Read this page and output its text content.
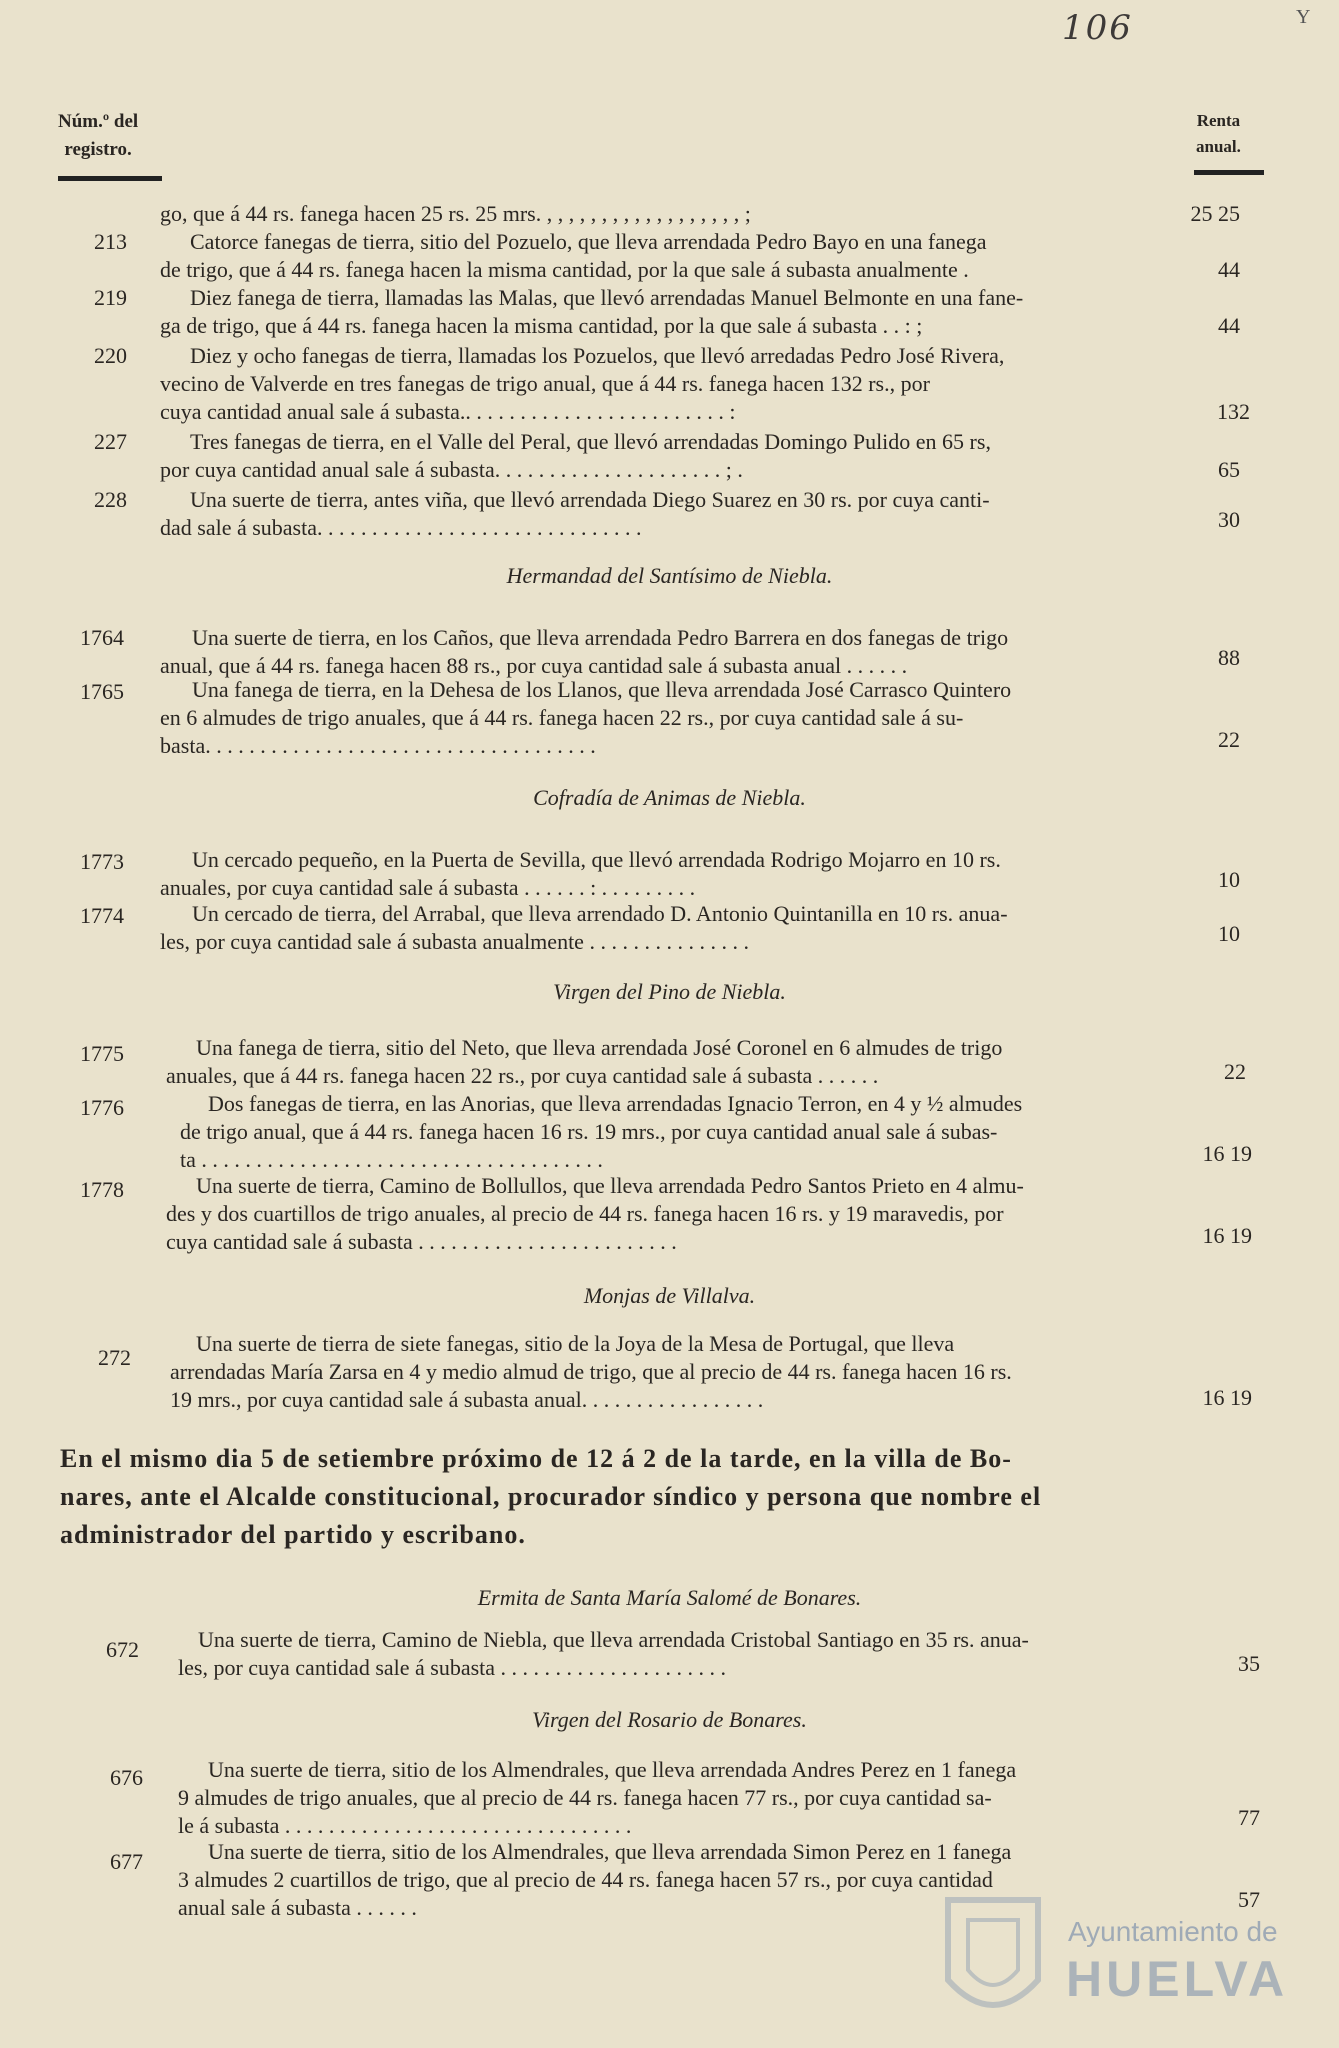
106	Y
Núm.º del
registro.
Renta
anual.
go, que á 44 rs. fanega hacen 25 rs. 25 mrs. , , , , , , , , , , , , , , , , , , ;	25 25
213	Catorce fanegas de tierra, sitio del Pozuelo, que lleva arrendada Pedro Bayo en una fanega
de trigo, que á 44 rs. fanega hacen la misma cantidad, por la que sale á subasta anualmente .	44
219	Diez fanega de tierra, llamadas las Malas, que llevó arrendadas Manuel Belmonte en una fane-
ga de trigo, que á 44 rs. fanega hacen la misma cantidad, por la que sale á subasta . . : ;	44
220	Diez y ocho fanegas de tierra, llamadas los Pozuelos, que llevó arredadas Pedro José Rivera,
vecino de Valverde en tres fanegas de trigo anual, que á 44 rs. fanega hacen 132 rs., por
cuya cantidad anual sale á subasta.. . . . . . . . . . . . . . . . . . . . . . . . :	132
227	Tres fanegas de tierra, en el Valle del Peral, que llevó arrendadas Domingo Pulido en 65 rs,
por cuya cantidad anual sale á subasta. . . . . . . . . . . . . . . . . . . . . ; .	65
228	Una suerte de tierra, antes viña, que llevó arrendada Diego Suarez en 30 rs. por cuya canti-
dad sale á subasta. . . . . . . . . . . . . . . . . . . . . . . . . . . . . .	30
Hermandad del Santísimo de Niebla.
1764	Una suerte de tierra, en los Caños, que lleva arrendada Pedro Barrera en dos fanegas de trigo
anual, que á 44 rs. fanega hacen 88 rs., por cuya cantidad sale á subasta anual . . . . . .	88
1765	Una fanega de tierra, en la Dehesa de los Llanos, que lleva arrendada José Carrasco Quintero
en 6 almudes de trigo anuales, que á 44 rs. fanega hacen 22 rs., por cuya cantidad sale á su-
basta. . . . . . . . . . . . . . . . . . . . . . . . . . . . . . . . . . . .	22
Cofradía de Animas de Niebla.
1773	Un cercado pequeño, en la Puerta de Sevilla, que llevó arrendada Rodrigo Mojarro en 10 rs.
anuales, por cuya cantidad sale á subasta . . . . . . : . . . . . . . . .	10
1774	Un cercado de tierra, del Arrabal, que lleva arrendado D. Antonio Quintanilla en 10 rs. anua-
les, por cuya cantidad sale á subasta anualmente . . . . . . . . . . . . . . .	10
Virgen del Pino de Niebla.
1775	Una fanega de tierra, sitio del Neto, que lleva arrendada José Coronel en 6 almudes de trigo
anuales, que á 44 rs. fanega hacen 22 rs., por cuya cantidad sale á subasta . . . . . .	22
1776	Dos fanegas de tierra, en las Anorias, que lleva arrendadas Ignacio Terron, en 4 y ½ almudes
de trigo anual, que á 44 rs. fanega hacen 16 rs. 19 mrs., por cuya cantidad anual sale á subas-
ta . . . . . . . . . . . . . . . . . . . . . . . . . . . . . . . . . . . . .	16 19
1778	Una suerte de tierra, Camino de Bollullos, que lleva arrendada Pedro Santos Prieto en 4 almu-
des y dos cuartillos de trigo anuales, al precio de 44 rs. fanega hacen 16 rs. y 19 maravedis, por
cuya cantidad sale á subasta . . . . . . . . . . . . . . . . . . . . . . . .	16 19
Monjas de Villalva.
272
Una suerte de tierra de siete fanegas, sitio de la Joya de la Mesa de Portugal, que lleva
arrendadas María Zarsa en 4 y medio almud de trigo, que al precio de 44 rs. fanega hacen 16 rs.
19 mrs., por cuya cantidad sale á subasta anual. . . . . . . . . . . . . . . . .	16 19
En el mismo dia 5 de setiembre próximo de 12 á 2 de la tarde, en la villa de Bo-
nares, ante el Alcalde constitucional, procurador síndico y persona que nombre el
administrador del partido y escribano.
Ermita de Santa María Salomé de Bonares.
672	Una suerte de tierra, Camino de Niebla, que lleva arrendada Cristobal Santiago en 35 rs. anua-
les, por cuya cantidad sale á subasta . . . . . . . . . . . . . . . . . . . . .	35
Virgen del Rosario de Bonares.
676	Una suerte de tierra, sitio de los Almendrales, que lleva arrendada Andres Perez en 1 fanega
9 almudes de trigo anuales, que al precio de 44 rs. fanega hacen 77 rs., por cuya cantidad sa-
le á subasta . . . . . . . . . . . . . . . . . . . . . . . . . . . . . . . .	77
677	Una suerte de tierra, sitio de los Almendrales, que lleva arrendada Simon Perez en 1 fanega
3 almudes 2 cuartillos de trigo, que al precio de 44 rs. fanega hacen 57 rs., por cuya cantidad
anual sale á subasta . . . . . .	57
Ayuntamiento de
HUELVA
